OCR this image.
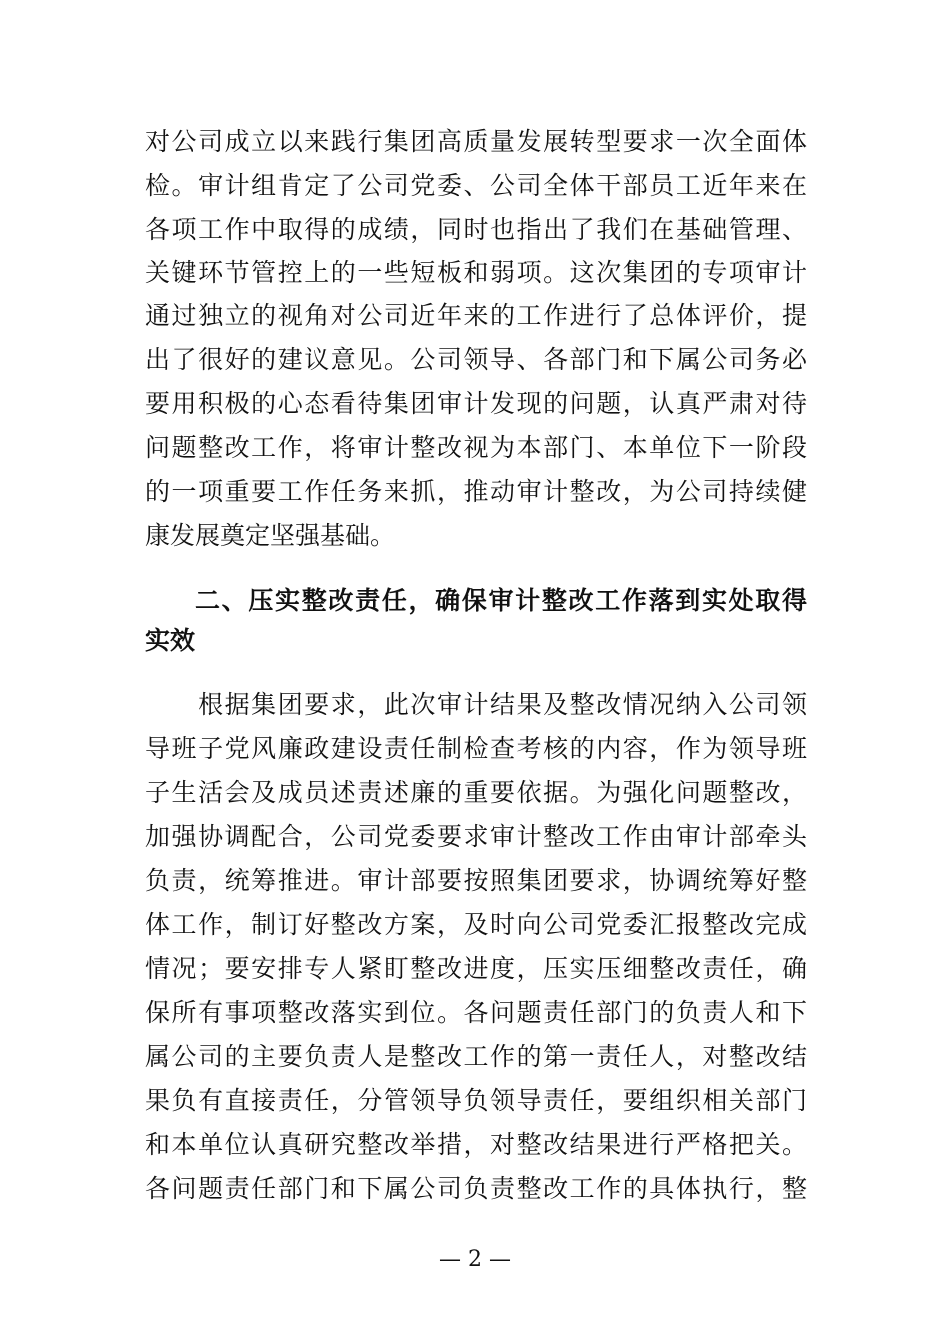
对公司成立以来践行集团高质量发展转型要求一次全面体
检。审计组肯定了公司党委、公司全体干部员工近年来在
各项工作中取得的成绩，同时也指出了我们在基础管理、
关键环节管控上的一些短板和弱项。这次集团的专项审计
通过独立的视角对公司近年来的工作进行了总体评价，提
出了很好的建议意见。公司领导、各部门和下属公司务必
要用积极的心态看待集团审计发现的问题，认真严肃对待
问题整改工作，将审计整改视为本部门、本单位下一阶段
的一项重要工作任务来抓，推动审计整改，为公司持续健
康发展奠定坚强基础。
二、压实整改责任，确保审计整改工作落到实处取得
实效
　　根据集团要求，此次审计结果及整改情况纳入公司领
导班子党风廉政建设责任制检查考核的内容，作为领导班
子生活会及成员述责述廉的重要依据。为强化问题整改，
加强协调配合，公司党委要求审计整改工作由审计部牵头
负责，统筹推进。审计部要按照集团要求，协调统筹好整
体工作，制订好整改方案，及时向公司党委汇报整改完成
情况；要安排专人紧盯整改进度，压实压细整改责任，确
保所有事项整改落实到位。各问题责任部门的负责人和下
属公司的主要负责人是整改工作的第一责任人，对整改结
果负有直接责任，分管领导负领导责任，要组织相关部门
和本单位认真研究整改举措，对整改结果进行严格把关。
各问题责任部门和下属公司负责整改工作的具体执行，整
— 2 —
